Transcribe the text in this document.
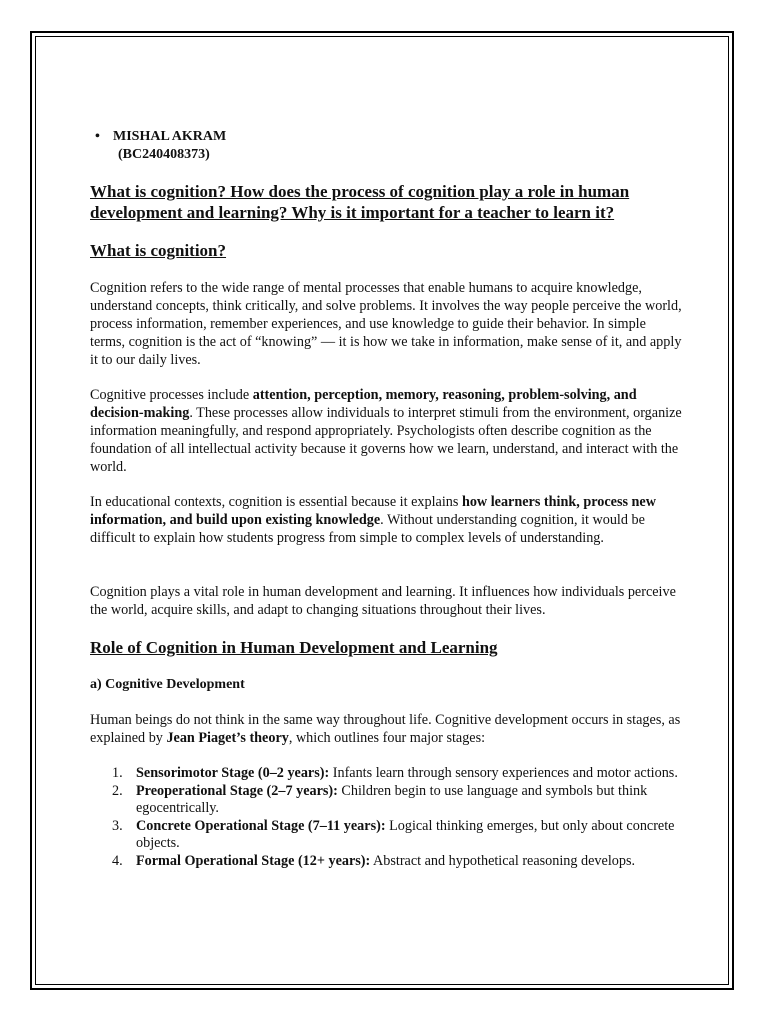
• MISHAL AKRAM
(BC240408373)
What is cognition? How does the process of cognition play a role in human development and learning? Why is it important for a teacher to learn it?
What is cognition?
Cognition refers to the wide range of mental processes that enable humans to acquire knowledge, understand concepts, think critically, and solve problems. It involves the way people perceive the world, process information, remember experiences, and use knowledge to guide their behavior. In simple terms, cognition is the act of “knowing” — it is how we take in information, make sense of it, and apply it to our daily lives.
Cognitive processes include attention, perception, memory, reasoning, problem-solving, and decision-making. These processes allow individuals to interpret stimuli from the environment, organize information meaningfully, and respond appropriately. Psychologists often describe cognition as the foundation of all intellectual activity because it governs how we learn, understand, and interact with the world.
In educational contexts, cognition is essential because it explains how learners think, process new information, and build upon existing knowledge. Without understanding cognition, it would be difficult to explain how students progress from simple to complex levels of understanding.
Cognition plays a vital role in human development and learning. It influences how individuals perceive the world, acquire skills, and adapt to changing situations throughout their lives.
Role of Cognition in Human Development and Learning
a) Cognitive Development
Human beings do not think in the same way throughout life. Cognitive development occurs in stages, as explained by Jean Piaget’s theory, which outlines four major stages:
1. Sensorimotor Stage (0–2 years): Infants learn through sensory experiences and motor actions.
2. Preoperational Stage (2–7 years): Children begin to use language and symbols but think egocentrically.
3. Concrete Operational Stage (7–11 years): Logical thinking emerges, but only about concrete objects.
4. Formal Operational Stage (12+ years): Abstract and hypothetical reasoning develops.
